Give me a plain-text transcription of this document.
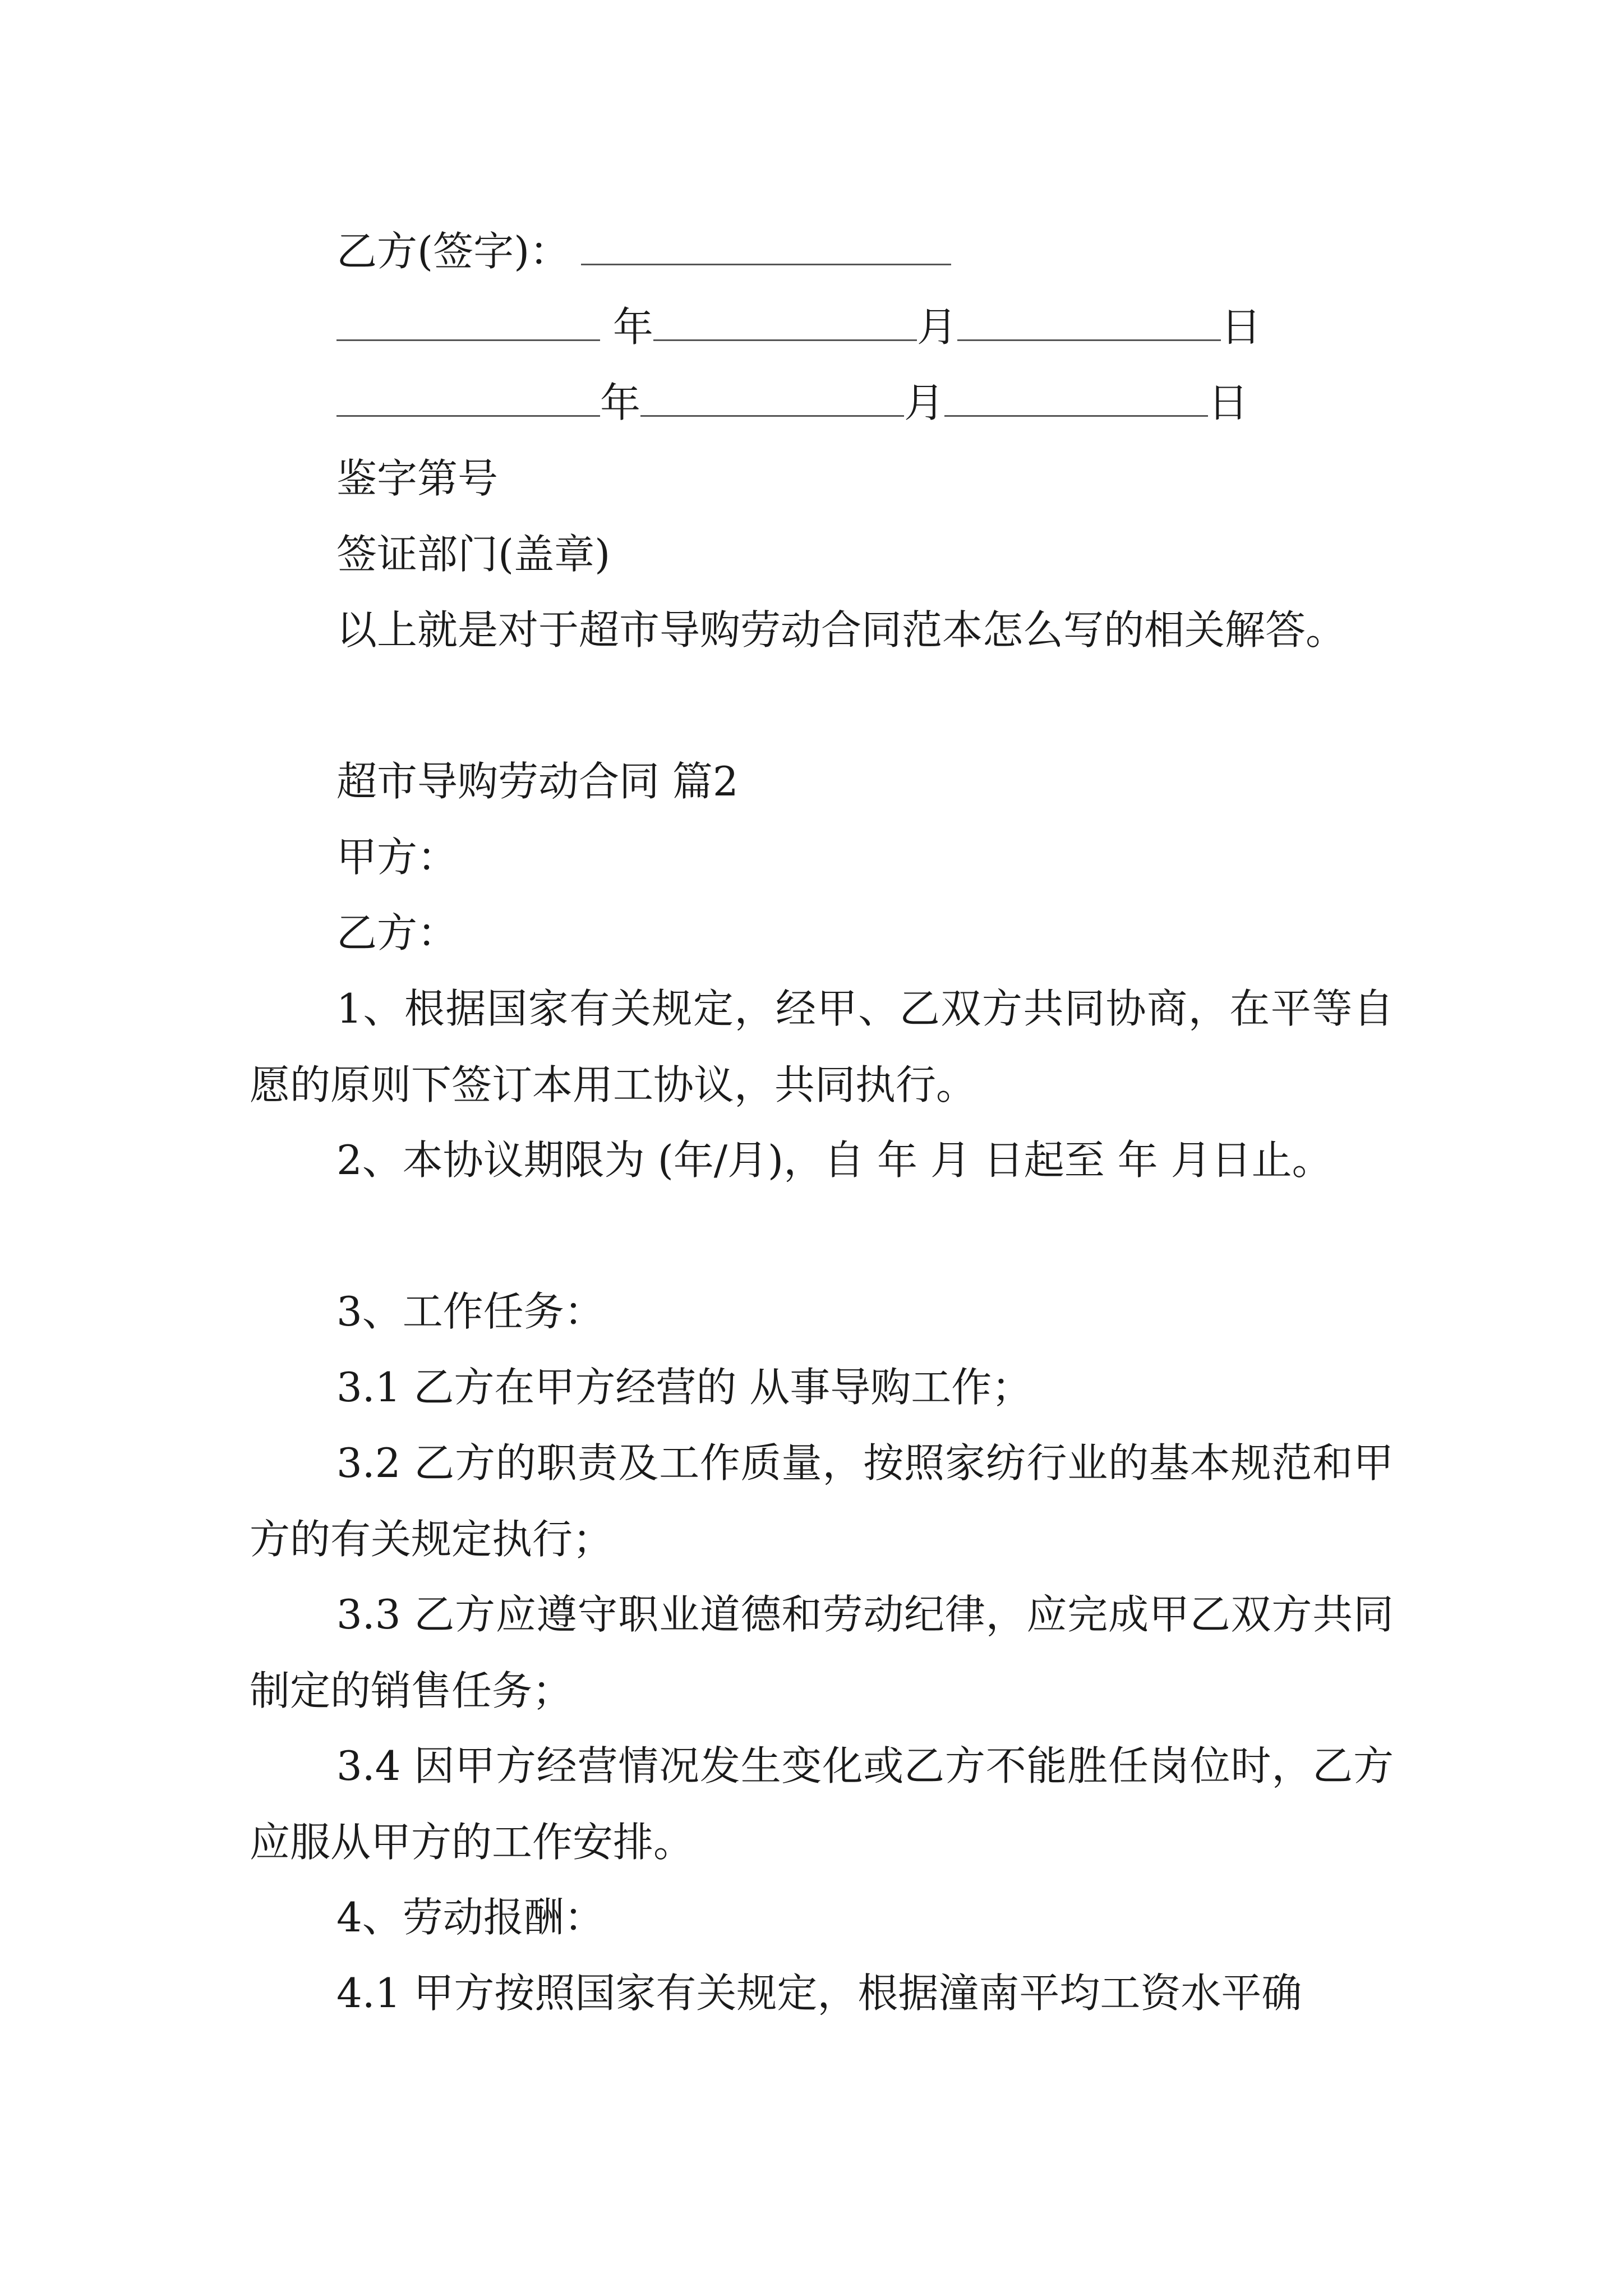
乙方(签字)：

年	月	日

年	月	日

鉴字第号

签证部门(盖章)

以上就是对于超市导购劳动合同范本怎么写的相关解答。

超市导购劳动合同 篇2

甲方：

乙方：

1、根据国家有关规定，经甲、乙双方共同协商，在平等自愿的原则下签订本用工协议，共同执行。

2、本协议期限为 (年/月)，自 年 月 日起至 年 月日止。

3、工作任务：

3.1 乙方在甲方经营的 从事导购工作；

3.2 乙方的职责及工作质量，按照家纺行业的基本规范和甲方的有关规定执行；

3.3 乙方应遵守职业道德和劳动纪律，应完成甲乙双方共同制定的销售任务；

3.4 因甲方经营情况发生变化或乙方不能胜任岗位时，乙方应服从甲方的工作安排。

4、劳动报酬：

4.1 甲方按照国家有关规定，根据潼南平均工资水平确
